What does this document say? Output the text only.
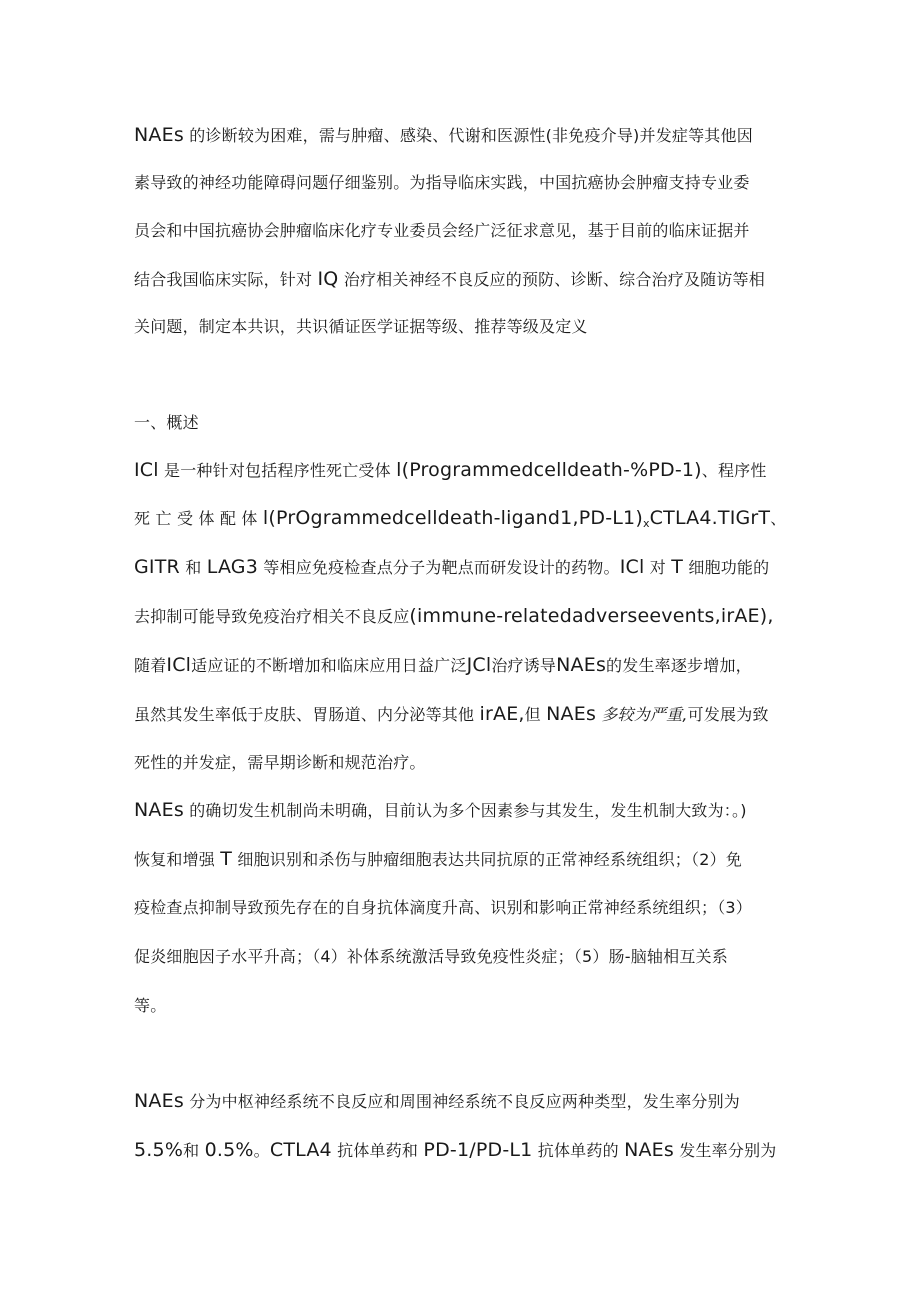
NAEs 的诊断较为困难，需与肿瘤、感染、代谢和医源性(非免疫介导)并发症等其他因
素导致的神经功能障碍问题仔细鉴别。为指导临床实践，中国抗癌协会肿瘤支持专业委
员会和中国抗癌协会肿瘤临床化疗专业委员会经广泛征求意见，基于目前的临床证据并
结合我国临床实际，针对 IQ 治疗相关神经不良反应的预防、诊断、综合治疗及随访等相
关问题，制定本共识，共识循证医学证据等级、推荐等级及定义
一、概述
ICl 是一种针对包括程序性死亡受体 l(Programmedcelldeath-%PD-1)、程序性
死 亡 受 体 配 体 $l(PrOgrammedcelldeath-ligand1,PD-L1)_xCTLA4.TIGrT$、
GITR 和 LAG3 等相应免疫检查点分子为靶点而研发设计的药物。ICl 对 T 细胞功能的
去抑制可能导致免疫治疗相关不良反应(immune-relatedadverseevents,irAE),
随着ICl适应证的不断增加和临床应用日益广泛JCl治疗诱导NAEs的发生率逐步增加，
虽然其发生率低于皮肤、胃肠道、内分泌等其他 irAE,但 NAEs 多较为严重,可发展为致
死性的并发症，需早期诊断和规范治疗。
NAEs 的确切发生机制尚未明确，目前认为多个因素参与其发生，发生机制大致为：。)
恢复和增强 T 细胞识别和杀伤与肿瘤细胞表达共同抗原的正常神经系统组织；（2）免
疫检查点抑制导致预先存在的自身抗体滴度升高、识别和影响正常神经系统组织；（3）
促炎细胞因子水平升高；（4）补体系统激活导致免疫性炎症；（5）肠-脑轴相互关系
等。
NAEs 分为中枢神经系统不良反应和周围神经系统不良反应两种类型，发生率分别为
5.5%和 0.5%。CTLA4 抗体单药和 PD-1/PD-L1 抗体单药的 NAEs 发生率分别为
